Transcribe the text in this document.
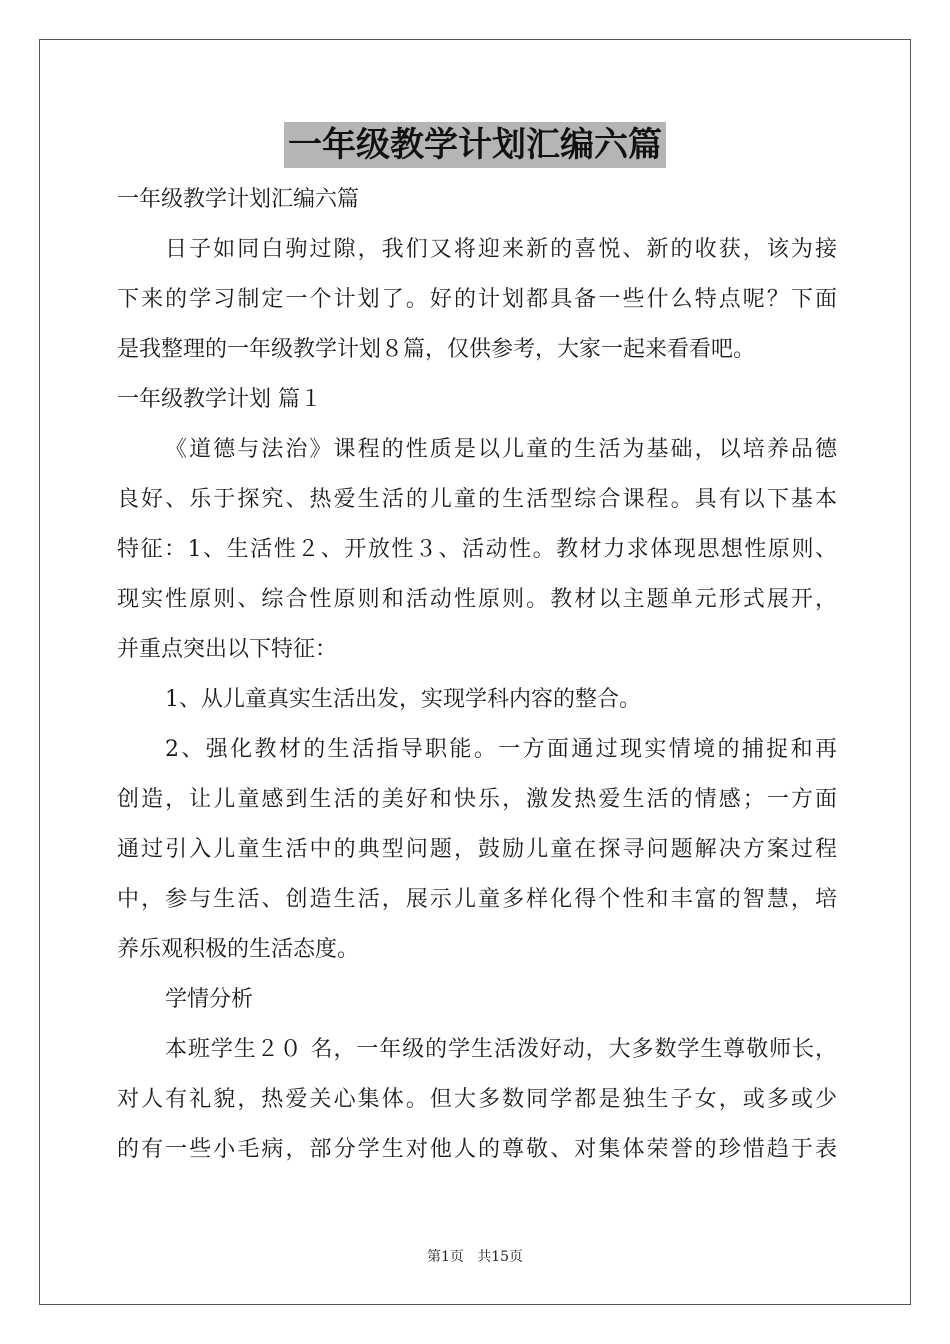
一年级教学计划汇编六篇
一年级教学计划汇编六篇
日子如同白驹过隙，我们又将迎来新的喜悦、新的收获，该为接
下来的学习制定一个计划了。好的计划都具备一些什么特点呢？下面
是我整理的一年级教学计划８篇，仅供参考，大家一起来看看吧。
一年级教学计划 篇１
《道德与法治》课程的性质是以儿童的生活为基础，以培养品德
良好、乐于探究、热爱生活的儿童的生活型综合课程。具有以下基本
特征：1、生活性２、开放性３、活动性。教材力求体现思想性原则、
现实性原则、综合性原则和活动性原则。教材以主题单元形式展开，
并重点突出以下特征：
1、从儿童真实生活出发，实现学科内容的整合。
2、强化教材的生活指导职能。一方面通过现实情境的捕捉和再
创造，让儿童感到生活的美好和快乐，激发热爱生活的情感；一方面
通过引入儿童生活中的典型问题，鼓励儿童在探寻问题解决方案过程
中，参与生活、创造生活，展示儿童多样化得个性和丰富的智慧，培
养乐观积极的生活态度。
学情分析
本班学生２０ 名，一年级的学生活泼好动，大多数学生尊敬师长，
对人有礼貌，热爱关心集体。但大多数同学都是独生子女，或多或少
的有一些小毛病，部分学生对他人的尊敬、对集体荣誉的珍惜趋于表
第1页   共15页
